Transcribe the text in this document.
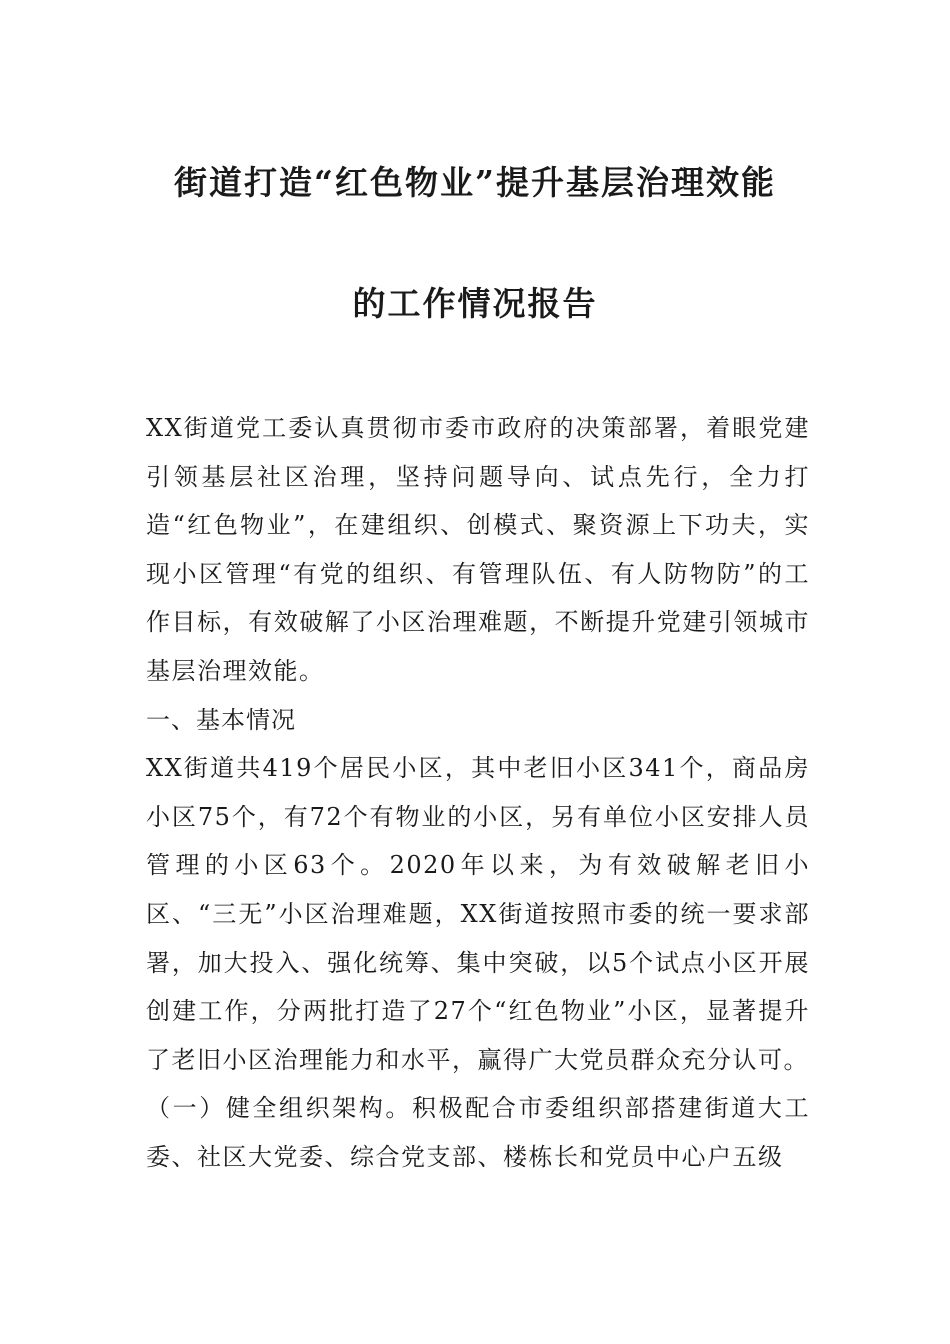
街道打造“红色物业”提升基层治理效能
的工作情况报告

XX街道党工委认真贯彻市委市政府的决策部署，着眼党建引领基层社区治理，坚持问题导向、试点先行，全力打造“红色物业”，在建组织、创模式、聚资源上下功夫，实现小区管理“有党的组织、有管理队伍、有人防物防”的工作目标，有效破解了小区治理难题，不断提升党建引领城市基层治理效能。

一、基本情况

XX街道共419个居民小区，其中老旧小区341个，商品房小区75个，有72个有物业的小区，另有单位小区安排人员管理的小区63个。2020年以来，为有效破解老旧小区、“三无”小区治理难题，XX街道按照市委的统一要求部署，加大投入、强化统筹、集中突破，以5个试点小区开展创建工作，分两批打造了27个“红色物业”小区，显著提升了老旧小区治理能力和水平，赢得广大党员群众充分认可。

（一）健全组织架构。积极配合市委组织部搭建街道大工委、社区大党委、综合党支部、楼栋长和党员中心户五级
